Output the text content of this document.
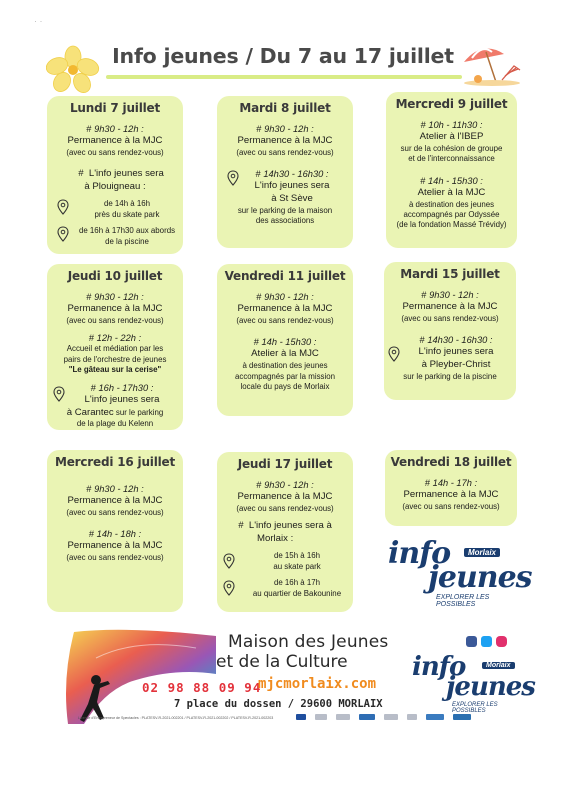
· ·
Info jeunes / Du 7 au 17 juillet
Lundi 7 juillet
# 9h30 - 12h :
Permanence à la MJC
(avec ou sans rendez-vous)
#  L'info jeunes sera
à Plouigneau :
de 14h à 16h
près du skate park
de 16h à 17h30 aux abords
de la piscine
Mardi 8 juillet
# 9h30 - 12h :
Permanence à la MJC
(avec ou sans rendez-vous)
# 14h30 - 16h30 :
L'info jeunes sera
à St Sève
sur le parking de la maison
des associations
Mercredi 9 juillet
# 10h - 11h30 :
Atelier à l'IBEP
sur de la cohésion de groupe
et de l'interconnaissance
# 14h - 15h30 :
Atelier à la MJC
à destination des jeunes
accompagnés par Odyssée
(de la fondation Massé Trévidy)
Jeudi 10 juillet
# 9h30 - 12h :
Permanence à la MJC
(avec ou sans rendez-vous)
# 12h - 22h :
Accueil et médiation par les
pairs de l'orchestre de jeunes
"Le gâteau sur la cerise"
# 16h - 17h30 :
L'info jeunes sera
à Carantec sur le parking
de la plage du Kelenn
Vendredi 11 juillet
# 9h30 - 12h :
Permanence à la MJC
(avec ou sans rendez-vous)
# 14h - 15h30 :
Atelier à la MJC
à destination des jeunes
accompagnés par la mission
locale du pays de Morlaix
Mardi 15 juillet
# 9h30 - 12h :
Permanence à la MJC
(avec ou sans rendez-vous)
# 14h30 - 16h30 :
L'info jeunes sera
à Pleyber-Christ
sur le parking de la piscine
Mercredi 16 juillet
# 9h30 - 12h :
Permanence à la MJC
(avec ou sans rendez-vous)
# 14h - 18h :
Permanence à la MJC
(avec ou sans rendez-vous)
Jeudi 17 juillet
# 9h30 - 12h :
Permanence à la MJC
(avec ou sans rendez-vous)
#  L'info jeunes sera à
Morlaix :
de 15h à 16h
au skate park
de 16h à 17h
au quartier de Bakounine
Vendredi 18 juillet
# 14h - 17h :
Permanence à la MJC
(avec ou sans rendez-vous)
info
jeunes
Morlaix
EXPLORER LES POSSIBLES
Maison des Jeunes
et de la Culture
02 98 88 09 94
mjcmorlaix.com
7 place du dossen / 29600 MORLAIX
Licence d'Entrepreneur de Spectacles : PLATESV-R-2021-002201 / PLATESV-R-2021-002202 / PLATESV-R-2021-002203
info
jeunes
Morlaix
EXPLORER LES POSSIBLES
